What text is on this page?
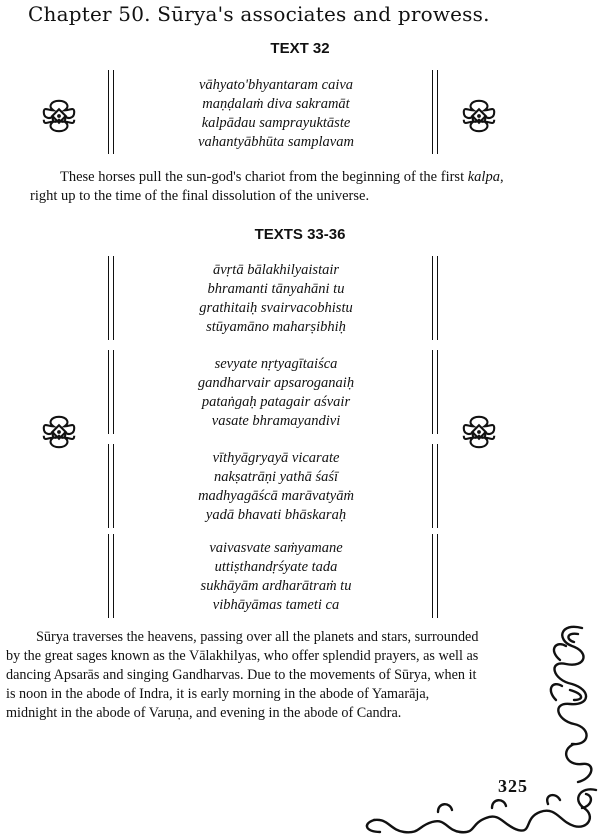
Chapter 50. Sūrya's associates and prowess.
TEXT 32
vāhyato'bhyantaram caiva
maṇḍalaṁ diva sakramāt
kalpādau samprayuktāste
vahantyābhūta samplavam
These horses pull the sun-god's chariot from the beginning of the first kalpa,
right up to the time of the final dissolution of the universe.
TEXTS 33-36
āvṛtā bālakhilyaistair
bhramanti tānyahāni tu
grathitaiḥ svairvacobhistu
stūyamāno maharṣibhiḥ
sevyate nṛtyagītaiśca
gandharvair apsaroganaiḥ
pataṅgaḥ patagair aśvair
vasate bhramayandivi
vīthyāgryayā vicarate
nakṣatrāṇi yathā śaśī
madhyagāścā marāvatyāṁ
yadā bhavati bhāskaraḥ
vaivasvate saṁyamane
uttiṣthandṛśyate tada
sukhāyām ardharātraṁ tu
vibhāyāmas tameti ca
Sūrya traverses the heavens, passing over all the planets and stars, surrounded
by the great sages known as the Vālakhilyas, who offer splendid prayers, as well as
dancing Apsarās and singing Gandharvas. Due to the movements of Sūrya, when it
is noon in the abode of Indra, it is early morning in the abode of Yamarāja,
midnight in the abode of Varuṇa, and evening in the abode of Candra.
325
